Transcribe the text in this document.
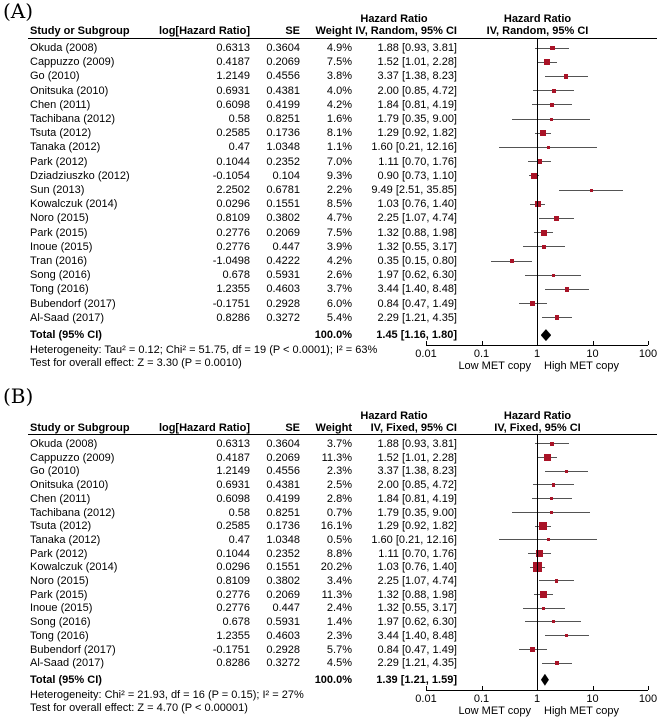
(A)	Hazard Ratio	Hazard Ratio
Study or Subgroup	log[Hazard Ratio]	SE	Weight IV, Random, 95% CI	IV, Random, 95% CI
Okuda (2008)	0.6313	0.3604	4.9%	1.88 [0.93, 3.81]
Cappuzzo (2009)	0.4187	0.2069	7.5%	1.52 [1.01, 2.28]
Go (2010)	1.2149	0.4556	3.8%	3.37 [1.38, 8.23]
Onitsuka (2010)	0.6931	0.4381	4.0%	2.00 [0.85, 4.72]
Chen (2011)	0.6098	0.4199	4.2%	1.84 [0.81, 4.19]
Tachibana (2012)	0.58	0.8251	1.6%	1.79 [0.35, 9.00]
Tsuta (2012)	0.2585	0.1736	8.1%	1.29 [0.92, 1.82]
Tanaka (2012)	0.47	1.0348	1.1%	1.60 [0.21, 12.16]
Park (2012)	0.1044	0.2352	7.0%	1.11 [0.70, 1.76]
Dziadziuszko (2012)	-0.1054	0.104	9.3%	0.90 [0.73, 1.10]
Sun (2013)	2.2502	0.6781	2.2%	9.49 [2.51, 35.85]
Kowalczuk (2014)	0.0296	0.1551	8.5%	1.03 [0.76, 1.40]
Noro (2015)	0.8109	0.3802	4.7%	2.25 [1.07, 4.74]
Park (2015)	0.2776	0.2069	7.5%	1.32 [0.88, 1.98]
Inoue (2015)	0.2776	0.447	3.9%	1.32 [0.55, 3.17]
Tran (2016)	-1.0498	0.4222	4.2%	0.35 [0.15, 0.80]
Song (2016)	0.678	0.5931	2.6%	1.97 [0.62, 6.30]
Tong (2016)	1.2355	0.4603	3.7%	3.44 [1.40, 8.48]
Bubendorf (2017)	-0.1751	0.2928	6.0%	0.84 [0.47, 1.49]
Al-Saad (2017)	0.8286	0.3272	5.4%	2.29 [1.21, 4.35]
0.01	0.1	1	10	100
Low MET copy High MET copy
Total (95% CI)	100.0%	1.45 [1.16, 1.80]
Heterogeneity: Tau² = 0.12; Chi² = 51.75, df = 19 (P < 0.0001); I² = 63%
Test for overall effect: Z = 3.30 (P = 0.0010)
(B)
Hazard Ratio	Hazard Ratio
Study or Subgroup	log[Hazard Ratio]	SE	Weight	IV, Fixed, 95% CI	IV, Fixed, 95% CI
Okuda (2008)	0.6313	0.3604	3.7%	1.88 [0.93, 3.81]
Cappuzzo (2009)	0.4187	0.2069	11.3%	1.52 [1.01, 2.28]
Go (2010)	1.2149	0.4556	2.3%	3.37 [1.38, 8.23]
Onitsuka (2010)	0.6931	0.4381	2.5%	2.00 [0.85, 4.72]
Chen (2011)	0.6098	0.4199	2.8%	1.84 [0.81, 4.19]
Tachibana (2012)	0.58	0.8251	0.7%	1.79 [0.35, 9.00]
Tsuta (2012)	0.2585	0.1736	16.1%	1.29 [0.92, 1.82]
Tanaka (2012)	0.47	1.0348	0.5%	1.60 [0.21, 12.16]
Park (2012)	0.1044	0.2352	8.8%	1.11 [0.70, 1.76]
Kowalczuk (2014)	0.0296	0.1551	20.2%	1.03 [0.76, 1.40]
Noro (2015)	0.8109	0.3802	3.4%	2.25 [1.07, 4.74]
Park (2015)	0.2776	0.2069	11.3%	1.32 [0.88, 1.98]
Inoue (2015)	0.2776	0.447	2.4%	1.32 [0.55, 3.17]
Song (2016)	0.678	0.5931	1.4%	1.97 [0.62, 6.30]
Tong (2016)	1.2355	0.4603	2.3%	3.44 [1.40, 8.48]
Bubendorf (2017)	-0.1751	0.2928	5.7%	0.84 [0.47, 1.49]
Al-Saad (2017)	0.8286	0.3272	4.5%	2.29 [1.21, 4.35]
0.01	0.1	1	10	100
Low MET copy High MET copy
Total (95% CI)	100.0%	1.39 [1.21, 1.59]
Heterogeneity: Chi² = 21.93, df = 16 (P = 0.15); I² = 27%
Test for overall effect: Z = 4.70 (P < 0.00001)
